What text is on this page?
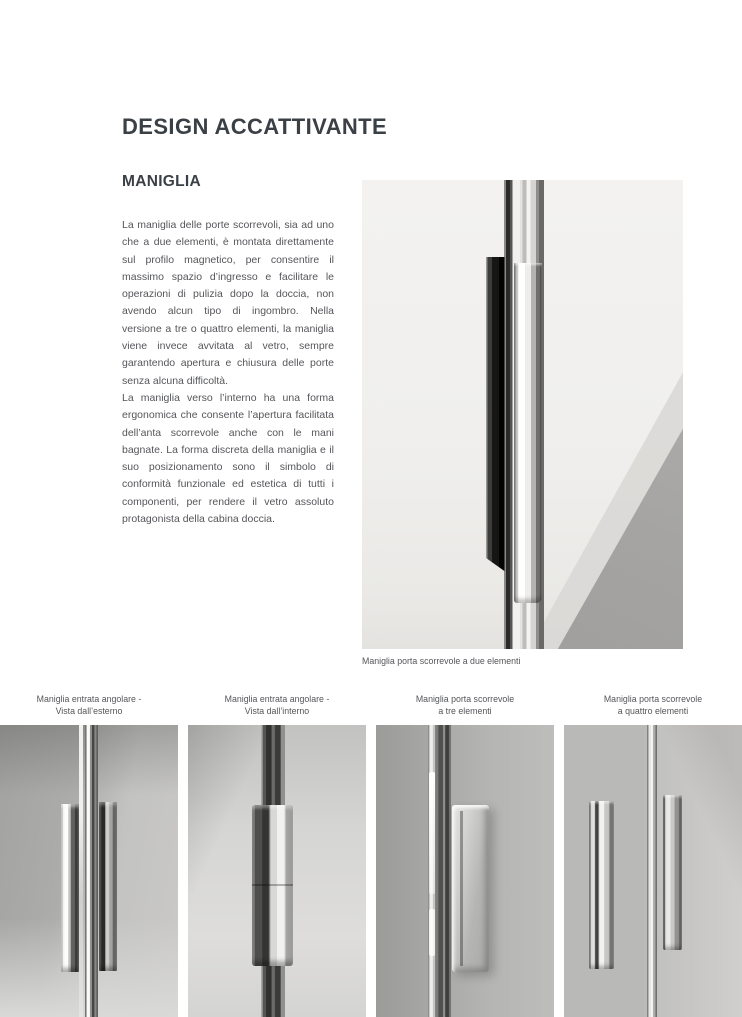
DESIGN ACCATTIVANTE
MANIGLIA

La maniglia delle porte scorrevoli, sia ad uno che a due elementi, è montata direttamente sul profilo magnetico, per consentire il massimo spazio d’ingresso e facilitare le operazioni di pulizia dopo la doccia, non avendo alcun tipo di ingombro. Nella versione a tre o quattro elementi, la maniglia viene invece avvitata al vetro, sempre garantendo apertura e chiusura delle porte senza alcuna difficoltà.

La maniglia verso l’interno ha una forma ergonomica che consente l’apertura facilitata dell’anta scorrevole anche con le mani bagnate. La forma discreta della maniglia e il suo posizionamento sono il simbolo di conformità funzionale ed estetica di tutti i componenti, per rendere il vetro assoluto protagonista della cabina doccia.

Maniglia porta scorrevole a due elementi
Maniglia entrata angolare -
Vista dall’esterno
Maniglia entrata angolare -
Vista dall’interno
Maniglia porta scorrevole
a tre elementi
Maniglia porta scorrevole
a quattro elementi
